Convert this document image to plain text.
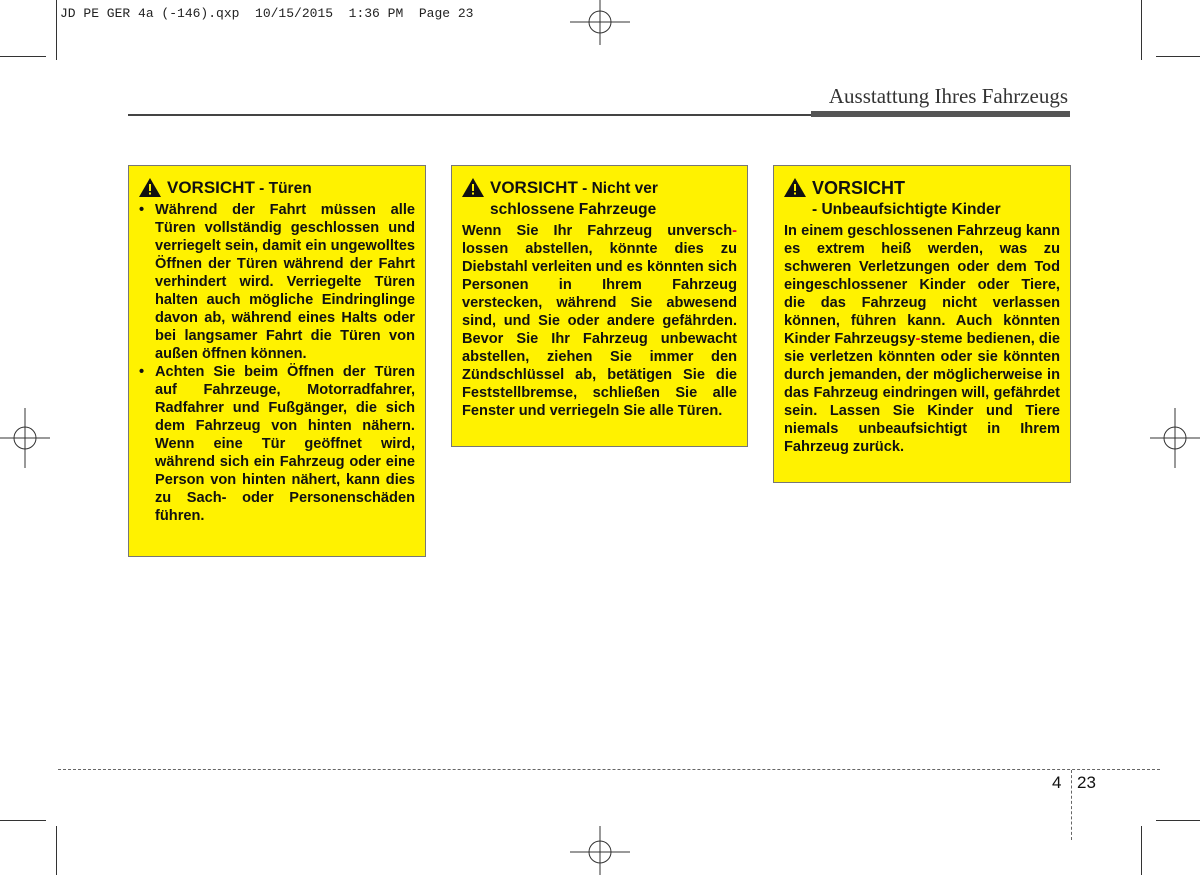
JD PE GER 4a (-146).qxp  10/15/2015  1:36 PM  Page 23
Ausstattung Ihres Fahrzeugs
VORSICHT - Türen
• Während der Fahrt müssen alle Türen vollständig geschlossen und verriegelt sein, damit ein ungewolltes Öffnen der Türen während der Fahrt verhindert wird. Verriegelte Türen halten auch mögliche Eindringlinge davon ab, während eines Halts oder bei langsamer Fahrt die Türen von außen öffnen können.
• Achten Sie beim Öffnen der Türen auf Fahrzeuge, Motorradfahrer, Radfahrer und Fußgänger, die sich dem Fahrzeug von hinten nähern. Wenn eine Tür geöffnet wird, während sich ein Fahrzeug oder eine Person von hinten nähert, kann dies zu Sach- oder Personenschäden führen.
VORSICHT - Nicht ver schlossene Fahrzeuge
Wenn Sie Ihr Fahrzeug unversch-lossen abstellen, könnte dies zu Diebstahl verleiten und es könnten sich Personen in Ihrem Fahrzeug verstecken, während Sie abwesend sind, und Sie oder andere gefährden. Bevor Sie Ihr Fahrzeug unbewacht abstellen, ziehen Sie immer den Zündschlüssel ab, betätigen Sie die Feststellbremse, schließen Sie alle Fenster und verriegeln Sie alle Türen.
VORSICHT
- Unbeaufsichtigte Kinder
In einem geschlossenen Fahrzeug kann es extrem heiß werden, was zu schweren Verletzungen oder dem Tod eingeschlossener Kinder oder Tiere, die das Fahrzeug nicht verlassen können, führen kann. Auch könnten Kinder Fahrzeugsy-steme bedienen, die sie verletzen könnten oder sie könnten durch jemanden, der möglicherweise in das Fahrzeug eindringen will, gefährdet sein. Lassen Sie Kinder und Tiere niemals unbeaufsichtigt in Ihrem Fahrzeug zurück.
4 23
